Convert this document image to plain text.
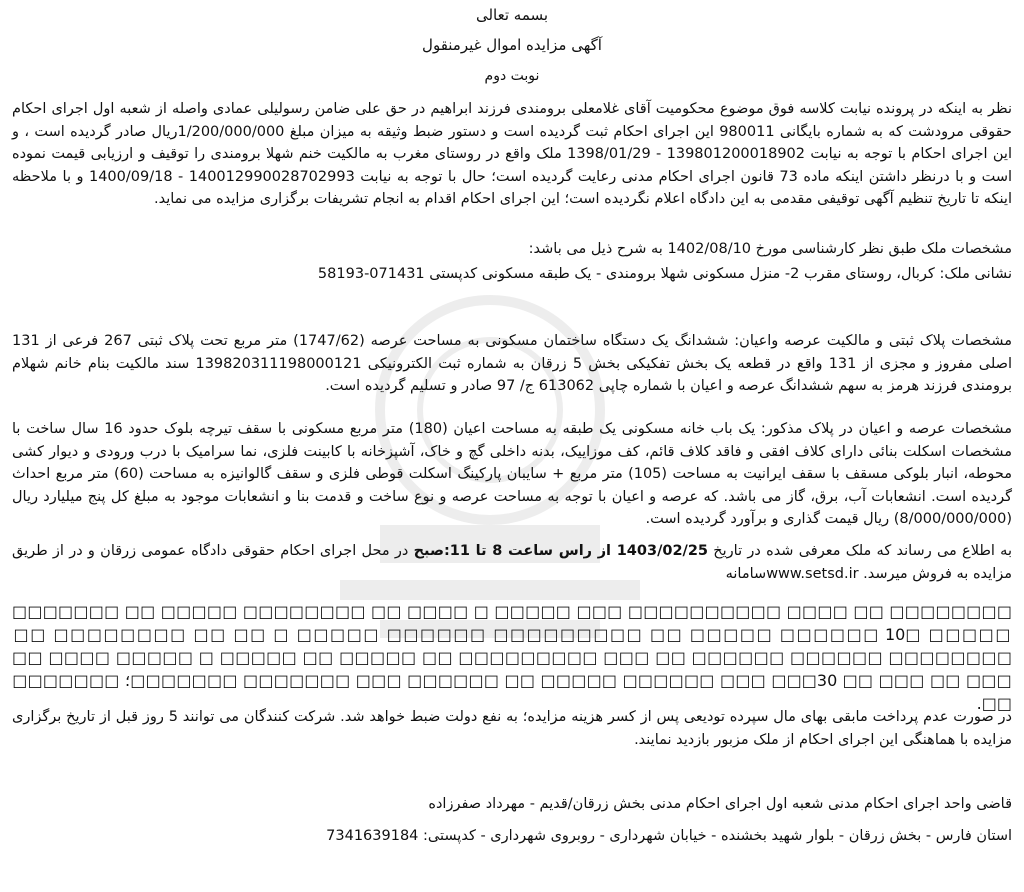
بسمه تعالی
آگهی مزایده اموال غیرمنقول
نوبت دوم

نظر به اینکه در پرونده نیابت کلاسه فوق موضوع محکومیت آقای غلامعلی برومندی فرزند ابراهیم در حق علی ضامن رسولیلی عمادی واصله از شعبه اول اجرای احکام حقوقی مرودشت که به شماره بایگانی 980011 این اجرای احکام ثبت گردیده است و دستور ضبط وثیقه به میزان مبلغ 1/200/000/000ریال صادر گردیده است ، و این اجرای احکام با توجه به نیابت 139801200018902 - 1398/01/29 ملک واقع در روستای مغرب به مالکیت خنم شهلا برومندی را توقیف و ارزیابی قیمت نموده است و با درنظر داشتن اینکه ماده 73 قانون اجرای احکام مدنی رعایت گردیده است؛ حال با توجه به نیابت 140012990028702993 - 1400/09/18 و با ملاحظه اینکه تا تاریخ تنظیم آگهی توقیفی مقدمی به این دادگاه اعلام نگردیده است؛ این اجرای احکام اقدام به انجام تشریفات برگزاری مزایده می نماید.

مشخصات ملک طبق نظر کارشناسی مورخ 1402/08/10 به شرح ذیل می باشد:

نشانی ملک: کربال، روستای مقرب 2- منزل مسکونی شهلا برومندی - یک طبقه مسکونی کدپستی 071431-58193

مشخصات پلاک ثبتی و مالکیت عرصه واعیان: ششدانگ یک دستگاه ساختمان مسکونی به مساحت عرصه (1747/62) متر مربع تحت پلاک ثبتی 267 فرعی از 131 اصلی مفروز و مجزی از 131 واقع در قطعه یک بخش تفکیکی بخش 5 زرقان به شماره ثبت الکترونیکی 139820311198000121 سند مالکیت بنام خانم شهلام برومندی فرزند هرمز به سهم ششدانگ عرصه و اعیان با شماره چاپی 613062 ج/ 97 صادر و تسلیم گردیده است.

مشخصات عرصه و اعیان در پلاک مذکور: یک باب خانه مسکونی یک طبقه به مساحت اعیان (180) متر مربع مسکونی با سقف تیرچه بلوک حدود 16 سال ساخت با مشخصات اسکلت بنائی دارای کلاف افقی و فاقد کلاف قائم، کف موزاییک، بدنه داخلی گچ و خاک، آشپزخانه با کابینت فلزی، نما سرامیک با درب ورودی و دیوار کشی محوطه، انبار بلوکی مسقف با سقف ایرانیت به مساحت (105) متر مربع + سایبان پارکینگ اسکلت قوطی فلزی و سقف گالوانیزه به مساحت (60) متر مربع احداث گردیده است. انشعابات آب، برق، گاز می باشد. که عرصه و اعیان با توجه به مساحت عرصه و نوع ساخت و قدمت بنا و انشعابات موجود به مبلغ کل پنج میلیارد ریال (8/000/000/000) ریال قیمت گذاری و برآورد گردیده است.

به اطلاع می رساند که ملک معرفی شده در تاریخ 1403/02/25 از راس ساعت 8 تا 11:صبح در محل اجرای احکام حقوقی دادگاه عمومی زرقان و در از طریق مزایده به فروش میرسد. www.setsd.irسامانه

□□□□□□□□ □□ □□□□ □□□□□□□□□□ □□□ □□□□□ □ □□□□ □□ □□□□□□□□ □□□□□ □□ □□□□□□□ □□□□□ □10 □□□□□□ □□□□□ □□ □□□□□□□□□ □□□□□□ □□□□□ □ □□ □□ □□□□□□□□ □□ □□□□□□□□ □□□□□□ □□□□□□ □□ □□□ □□□□□□□□□ □□ □□□□□ □□ □□□□□ □ □□□□□ □□□□ □□ □□□ □□ □□□ □□ 30□□□ □□□ □□□□□□ □□□□□ □□ □□□□□□ □□□ □□□□□□□ □□□□□□□؛ □□□□□□□ □□.

در صورت عدم پرداخت مابقی بهای مال سپرده تودیعی پس از کسر هزینه مزایده؛ به نفع دولت ضبط خواهد شد. شرکت کنندگان می توانند 5 روز قبل از تاریخ برگزاری مزایده با هماهنگی این اجرای احکام از ملک مزبور بازدید نمایند.

قاضی واحد اجرای احکام مدنی شعبه اول اجرای احکام مدنی بخش زرقان/قدیم - مهرداد صفرزاده

استان فارس - بخش زرقان - بلوار شهید بخشنده - خیابان شهرداری - روبروی شهرداری - کدپستی: 7341639184
